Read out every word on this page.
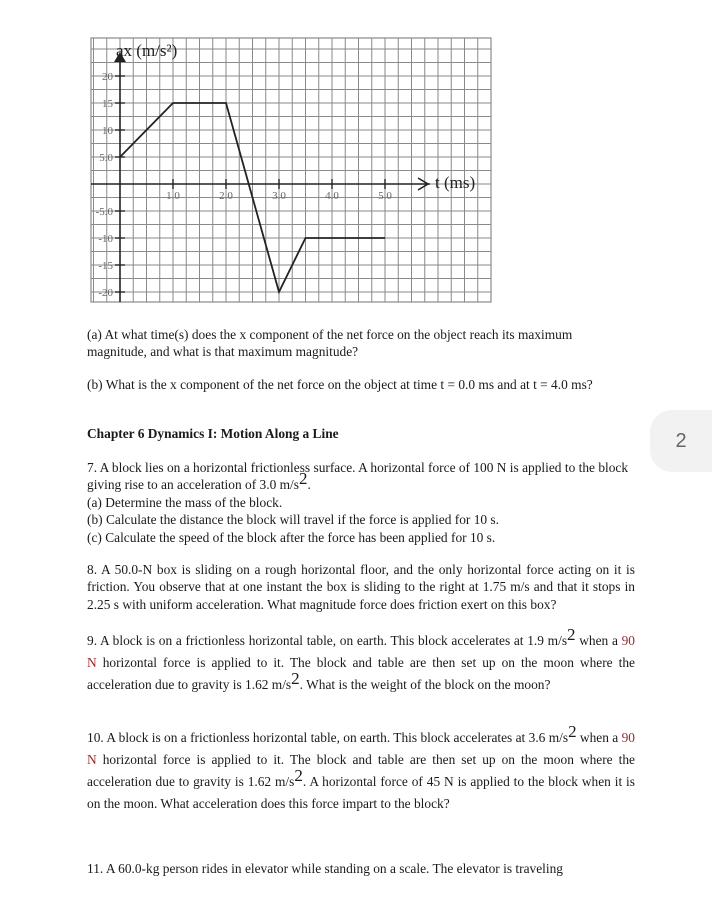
1.0	2.0	3.0	4.0	5.0
20
15
10
5.0
-5.0
-10
-15
-20
ax (m/s²)
t (ms)

(a) At what time(s) does the x component of the net force on the object reach its maximum magnitude, and what is that maximum magnitude?

(b) What is the x component of the net force on the object at time t = 0.0 ms and at t = 4.0 ms?

Chapter 6 Dynamics I: Motion Along a Line

7. A block lies on a horizontal frictionless surface. A horizontal force of 100 N is applied to the block giving rise to an acceleration of 3.0 m/s2.

(a) Determine the mass of the block.

(b) Calculate the distance the block will travel if the force is applied for 10 s.

(c) Calculate the speed of the block after the force has been applied for 10 s.

8. A 50.0-N box is sliding on a rough horizontal floor, and the only horizontal force acting on it is friction. You observe that at one instant the box is sliding to the right at 1.75 m/s and that it stops in 2.25 s with uniform acceleration. What magnitude force does friction exert on this box?

9. A block is on a frictionless horizontal table, on earth. This block accelerates at 1.9 m/s2 when a 90 N horizontal force is applied to it. The block and table are then set up on the moon where the acceleration due to gravity is 1.62 m/s2. What is the weight of the block on the moon?

10. A block is on a frictionless horizontal table, on earth. This block accelerates at 3.6 m/s2 when a 90 N horizontal force is applied to it. The block and table are then set up on the moon where the acceleration due to gravity is 1.62 m/s2. A horizontal force of 45 N is applied to the block when it is on the moon. What acceleration does this force impart to the block?

11. A 60.0-kg person rides in elevator while standing on a scale. The elevator is traveling

2
